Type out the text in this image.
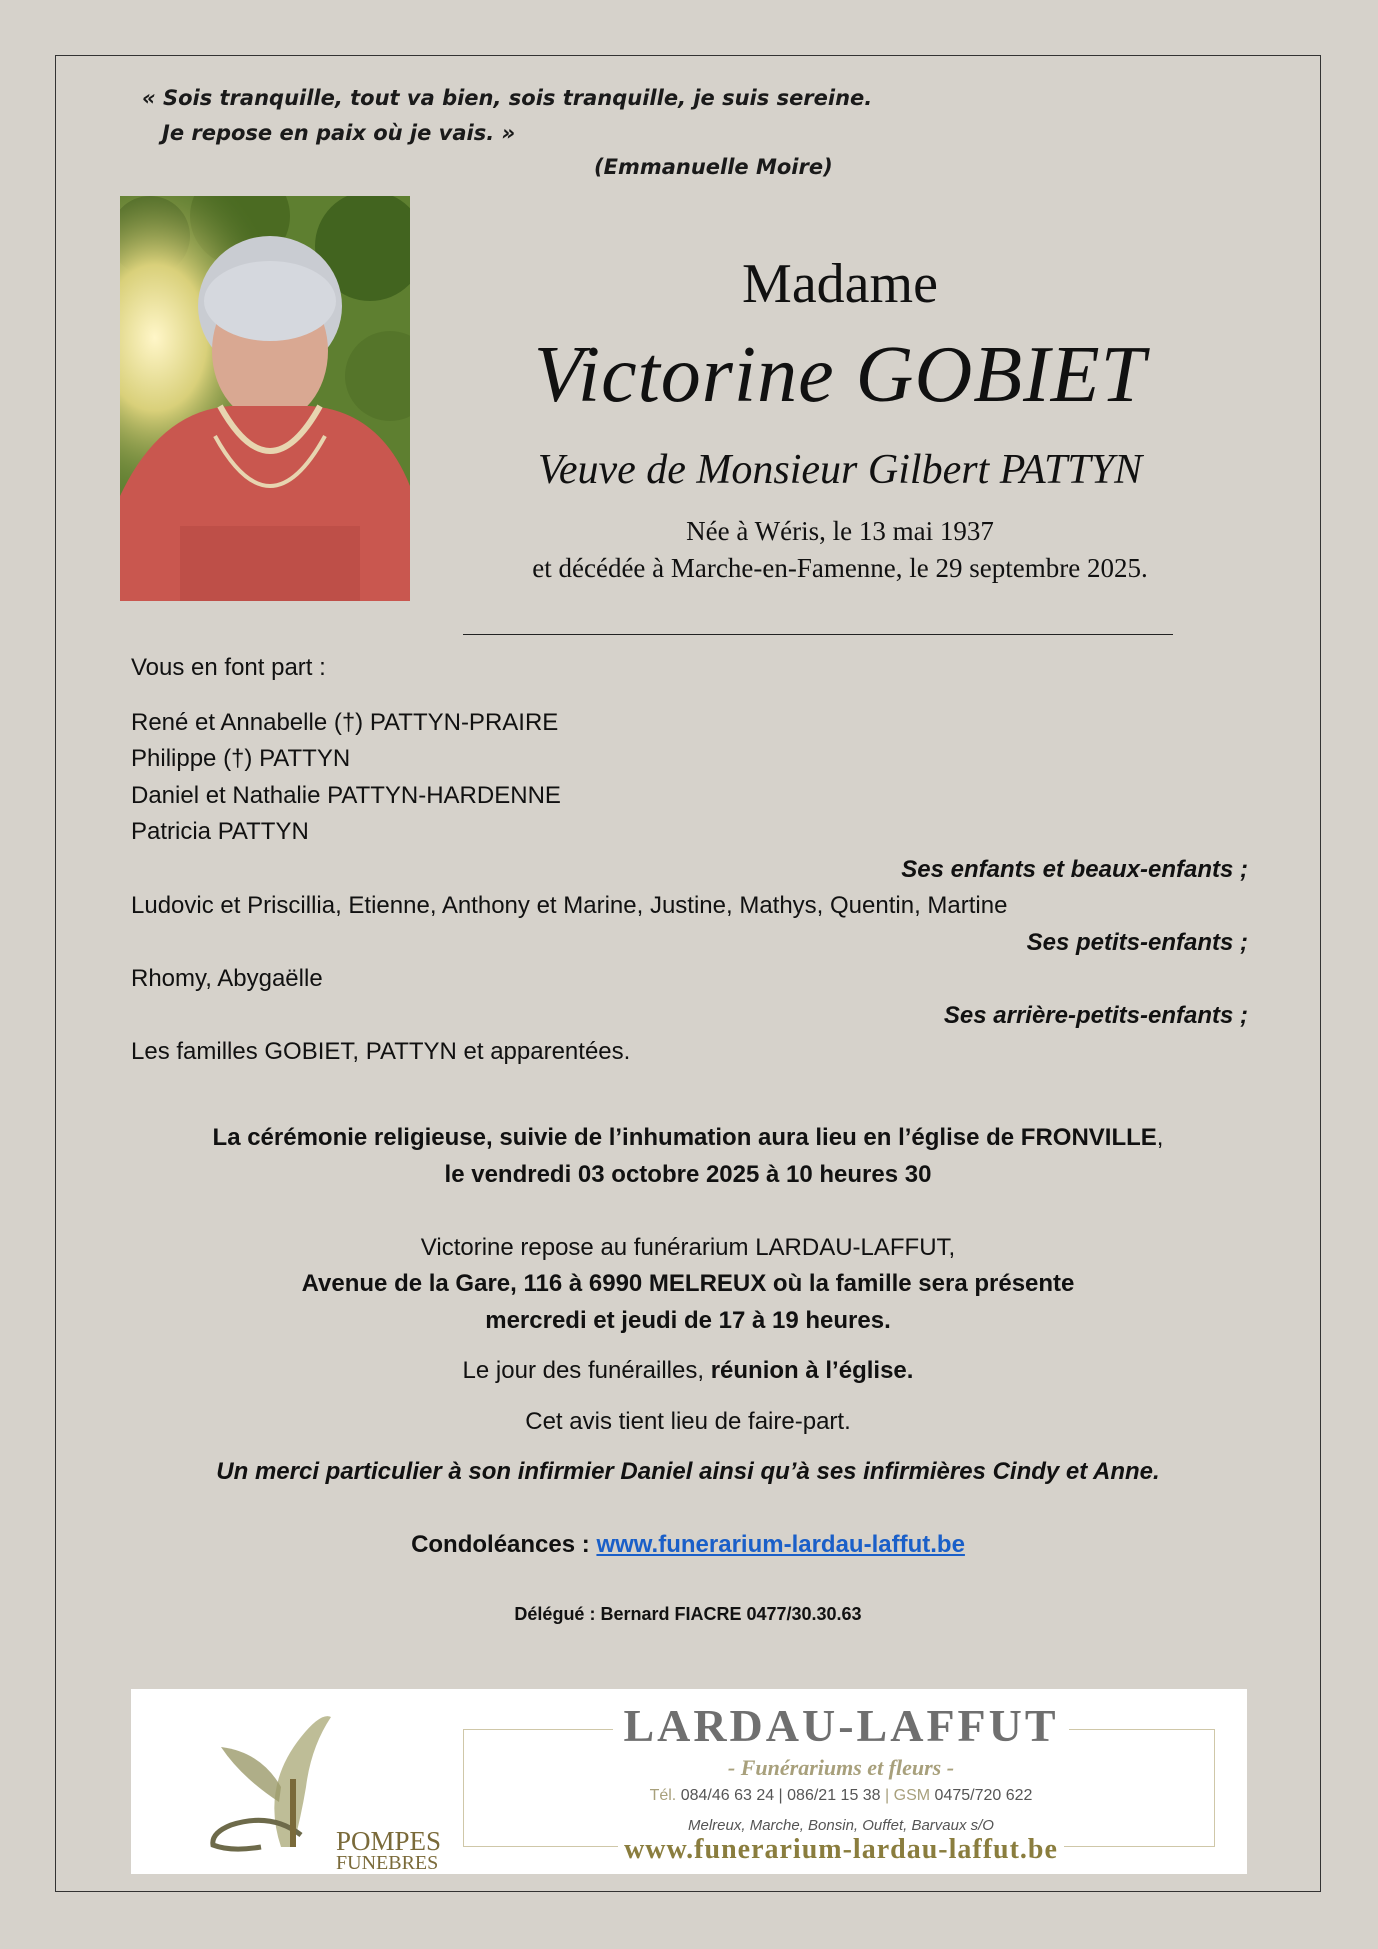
« Sois tranquille, tout va bien, sois tranquille, je suis sereine.
Je repose en paix où je vais. »
(Emmanuelle Moire)
Madame
Victorine GOBIET
Veuve de Monsieur Gilbert PATTYN
Née à Wéris, le 13 mai 1937
et décédée à Marche-en-Famenne, le 29 septembre 2025.
Vous en font part :
René et Annabelle (†) PATTYN-PRAIRE
Philippe (†) PATTYN
Daniel et Nathalie PATTYN-HARDENNE
Patricia PATTYN
Ses enfants et beaux-enfants ;
Ludovic et Priscillia, Etienne, Anthony et Marine, Justine, Mathys, Quentin, Martine
Ses petits-enfants ;
Rhomy, Abygaëlle
Ses arrière-petits-enfants ;
Les familles GOBIET, PATTYN et apparentées.
La cérémonie religieuse, suivie de l’inhumation aura lieu en l’église de FRONVILLE,
le vendredi 03 octobre 2025 à 10 heures 30
Victorine repose au funérarium LARDAU-LAFFUT,
Avenue de la Gare, 116 à 6990 MELREUX où la famille sera présente
mercredi et jeudi de 17 à 19 heures.
Le jour des funérailles, réunion à l’église.
Cet avis tient lieu de faire-part.
Un merci particulier à son infirmier Daniel ainsi qu’à ses infirmières Cindy et Anne.
Condoléances : www.funerarium-lardau-laffut.be
Délégué : Bernard FIACRE 0477/30.30.63
POMPES
FUNEBRES
LARDAU-LAFFUT
- Funérariums et fleurs -
Tél. 084/46 63 24 | 086/21 15 38 | GSM 0475/720 622
Melreux, Marche, Bonsin, Ouffet, Barvaux s/O
www.funerarium-lardau-laffut.be
